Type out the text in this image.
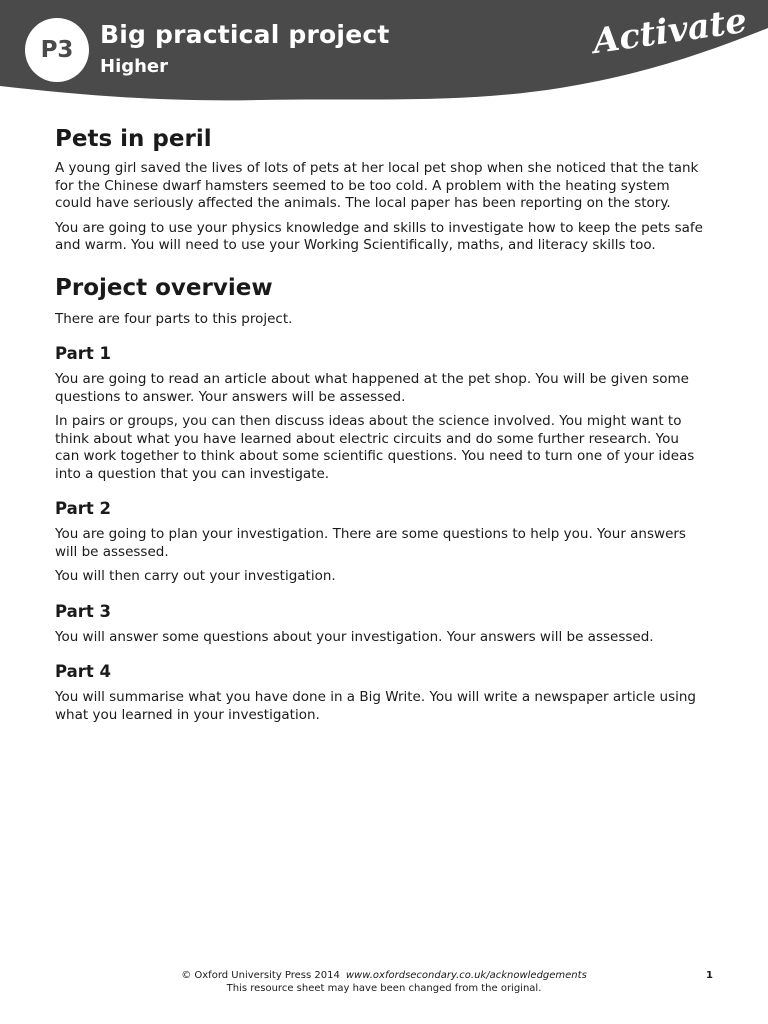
P3
Big practical project
Higher
Activate
Pets in peril

A young girl saved the lives of lots of pets at her local pet shop when she noticed that the tank for the Chinese dwarf hamsters seemed to be too cold. A problem with the heating system could have seriously affected the animals. The local paper has been reporting on the story.

You are going to use your physics knowledge and skills to investigate how to keep the pets safe and warm. You will need to use your Working Scientifically, maths, and literacy skills too.

Project overview

There are four parts to this project.

Part 1

You are going to read an article about what happened at the pet shop. You will be given some questions to answer. Your answers will be assessed.

In pairs or groups, you can then discuss ideas about the science involved. You might want to think about what you have learned about electric circuits and do some further research. You can work together to think about some scientific questions. You need to turn one of your ideas into a question that you can investigate.

Part 2

You are going to plan your investigation. There are some questions to help you. Your answers will be assessed.

You will then carry out your investigation.

Part 3

You will answer some questions about your investigation. Your answers will be assessed.

Part 4

You will summarise what you have done in a Big Write. You will write a newspaper article using what you learned in your investigation.

© Oxford University Press 2014 www.oxfordsecondary.co.uk/acknowledgements
This resource sheet may have been changed from the original.
1
